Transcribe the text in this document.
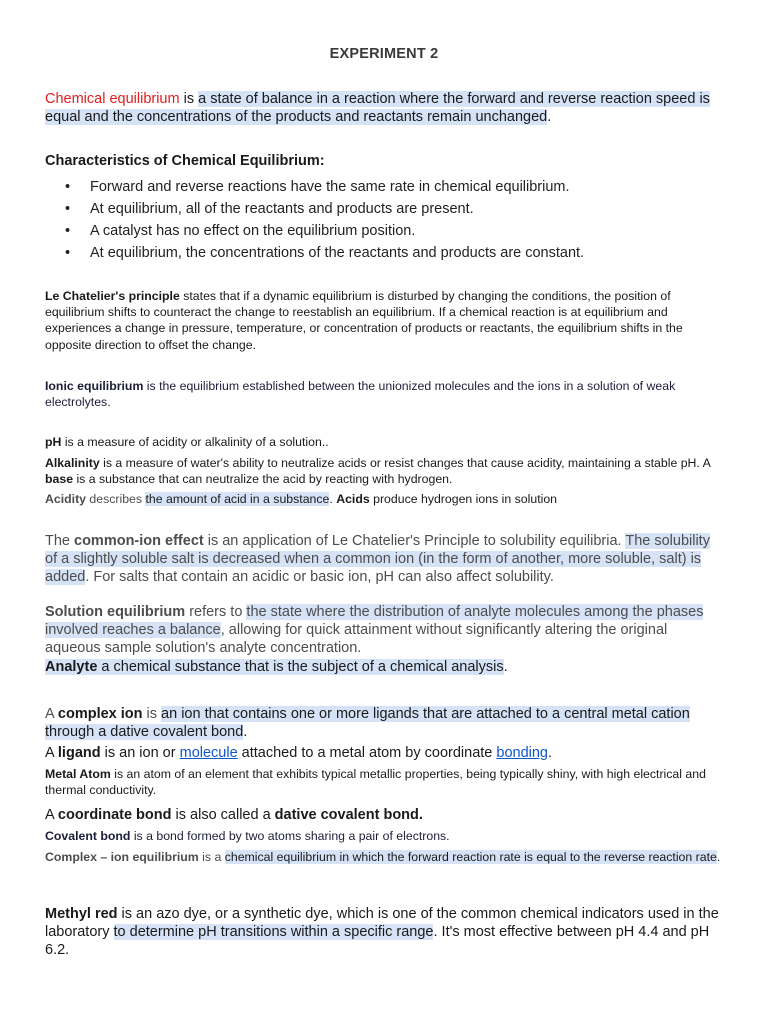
EXPERIMENT 2

Chemical equilibrium is a state of balance in a reaction where the forward and reverse reaction speed is equal and the concentrations of the products and reactants remain unchanged.

Characteristics of Chemical Equilibrium:

• Forward and reverse reactions have the same rate in chemical equilibrium.
• At equilibrium, all of the reactants and products are present.
• A catalyst has no effect on the equilibrium position.
• At equilibrium, the concentrations of the reactants and products are constant.

Le Chatelier's principle states that if a dynamic equilibrium is disturbed by changing the conditions, the position of equilibrium shifts to counteract the change to reestablish an equilibrium. If a chemical reaction is at equilibrium and experiences a change in pressure, temperature, or concentration of products or reactants, the equilibrium shifts in the opposite direction to offset the change.

Ionic equilibrium is the equilibrium established between the unionized molecules and the ions in a solution of weak electrolytes.

pH is a measure of acidity or alkalinity of a solution..

Alkalinity is a measure of water's ability to neutralize acids or resist changes that cause acidity, maintaining a stable pH. A base is a substance that can neutralize the acid by reacting with hydrogen.

Acidity describes the amount of acid in a substance. Acids produce hydrogen ions in solution

The common-ion effect is an application of Le Chatelier's Principle to solubility equilibria. The solubility of a slightly soluble salt is decreased when a common ion (in the form of another, more soluble, salt) is added. For salts that contain an acidic or basic ion, pH can also affect solubility.

Solution equilibrium refers to the state where the distribution of analyte molecules among the phases involved reaches a balance, allowing for quick attainment without significantly altering the original aqueous sample solution's analyte concentration.

Analyte a chemical substance that is the subject of a chemical analysis.

A complex ion is an ion that contains one or more ligands that are attached to a central metal cation through a dative covalent bond.

A ligand is an ion or molecule attached to a metal atom by coordinate bonding.

Metal Atom is an atom of an element that exhibits typical metallic properties, being typically shiny, with high electrical and thermal conductivity.

A coordinate bond is also called a dative covalent bond.

Covalent bond is a bond formed by two atoms sharing a pair of electrons.

Complex – ion equilibrium is a chemical equilibrium in which the forward reaction rate is equal to the reverse reaction rate.

Methyl red is an azo dye, or a synthetic dye, which is one of the common chemical indicators used in the laboratory to determine pH transitions within a specific range. It's most effective between pH 4.4 and pH 6.2.
